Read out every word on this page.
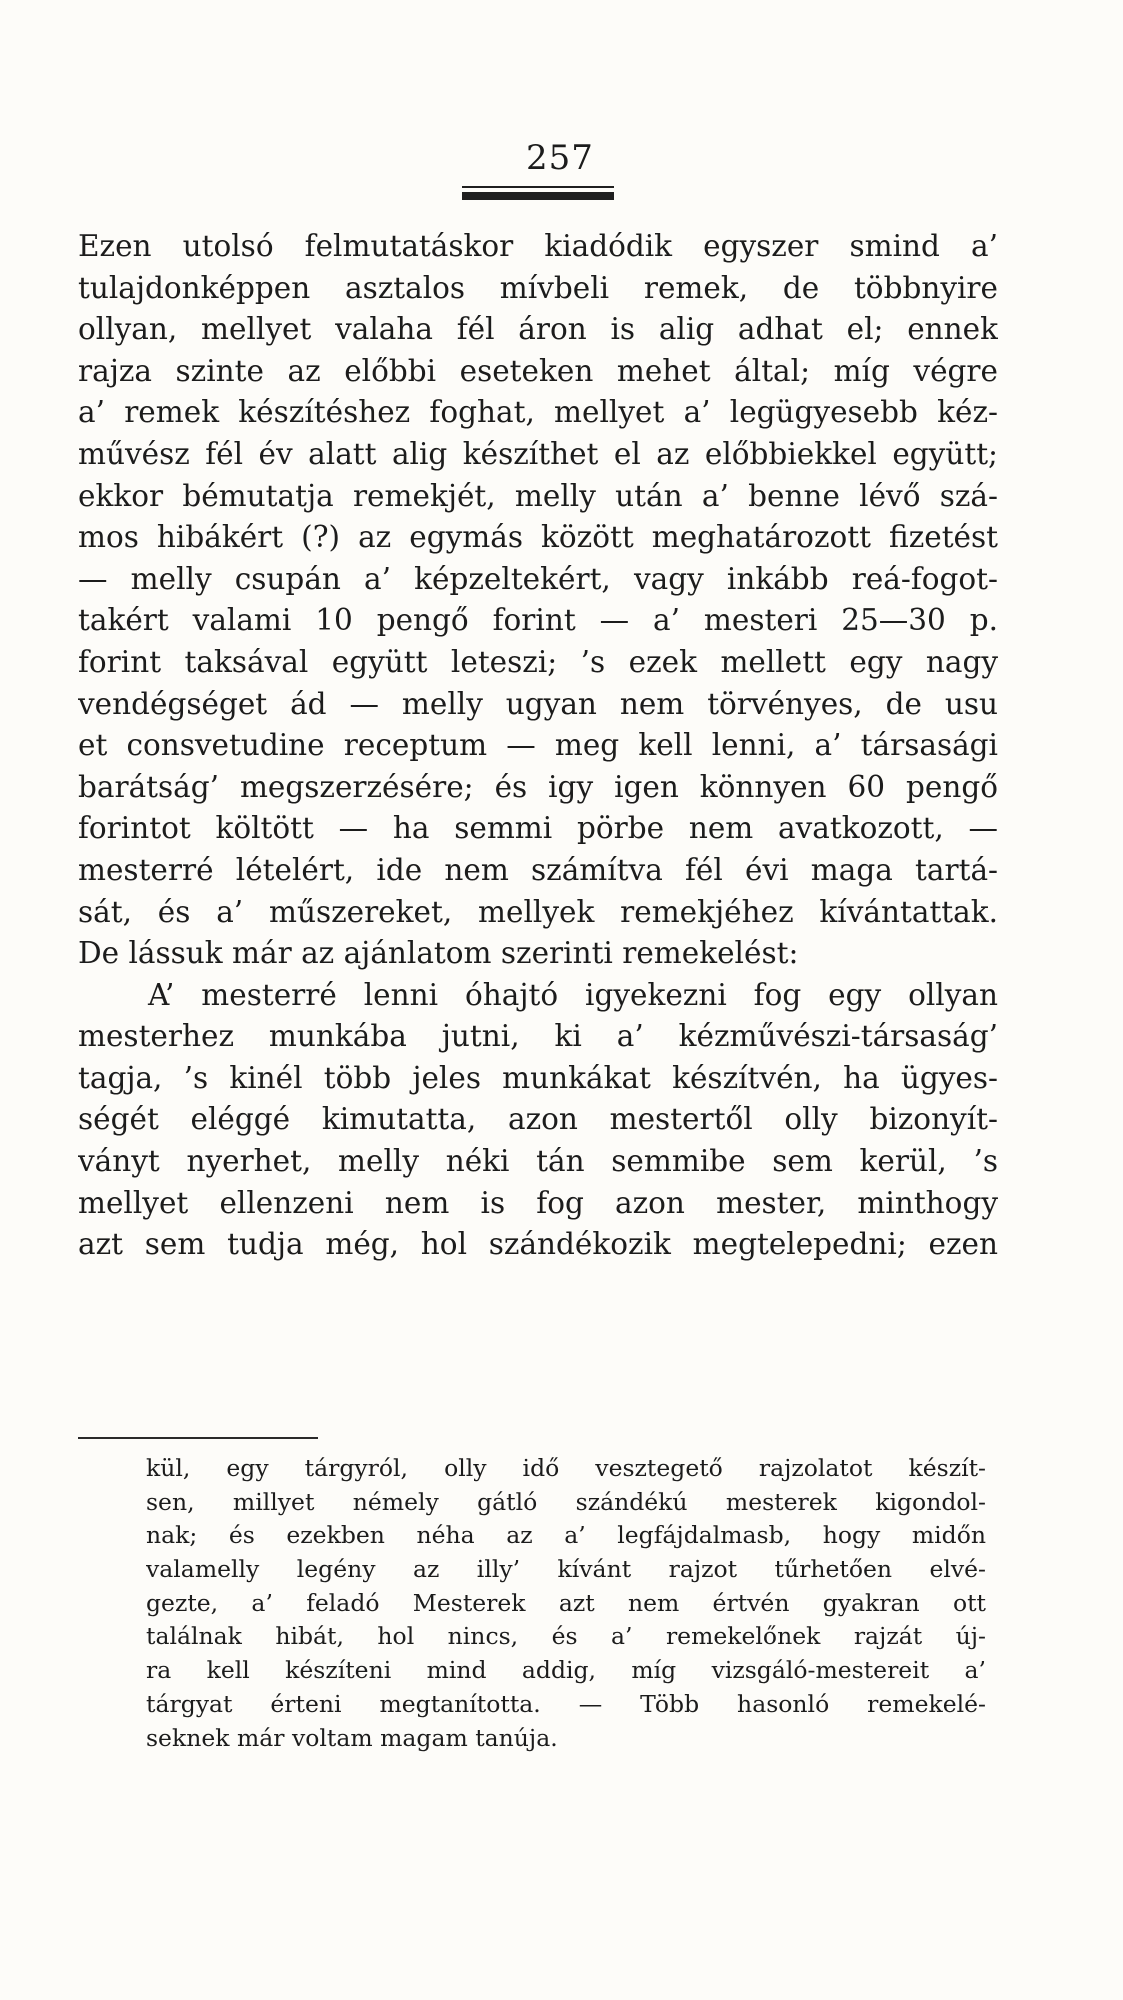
257
Ezen utolsó felmutatáskor kiadódik egyszer smind a’
tulajdonképpen asztalos mívbeli remek, de többnyire
ollyan, mellyet valaha fél áron is alig adhat el; ennek
rajza szinte az előbbi eseteken mehet által; míg végre
a’ remek készítéshez foghat, mellyet a’ legügyesebb kéz-
művész fél év alatt alig készíthet el az előbbiekkel együtt;
ekkor bémutatja remekjét, melly után a’ benne lévő szá-
mos hibákért (?) az egymás között meghatározott fizetést
— melly csupán a’ képzeltekért, vagy inkább reá-fogot-
takért valami 10 pengő forint — a’ mesteri 25—30 p.
forint taksával együtt leteszi; ’s ezek mellett egy nagy
vendégséget ád — melly ugyan nem törvényes, de usu
et consvetudine receptum — meg kell lenni, a’ társasági
barátság’ megszerzésére; és igy igen könnyen 60 pengő
forintot költött — ha semmi pörbe nem avatkozott, —
mesterré lételért, ide nem számítva fél évi maga tartá-
sát, és a’ műszereket, mellyek remekjéhez kívántattak.
De lássuk már az ajánlatom szerinti remekelést:
A’ mesterré lenni óhajtó igyekezni fog egy ollyan
mesterhez munkába jutni, ki a’ kézművészi-társaság’
tagja, ’s kinél több jeles munkákat készítvén, ha ügyes-
ségét eléggé kimutatta, azon mestertől olly bizonyít-
ványt nyerhet, melly néki tán semmibe sem kerül, ’s
mellyet ellenzeni nem is fog azon mester, minthogy
azt sem tudja még, hol szándékozik megtelepedni; ezen
kül, egy tárgyról, olly idő vesztegető rajzolatot készít-
sen, millyet némely gátló szándékú mesterek kigondol-
nak; és ezekben néha az a’ legfájdalmasb, hogy midőn
valamelly legény az illy’ kívánt rajzot tűrhetően elvé-
gezte, a’ feladó Mesterek azt nem értvén gyakran ott
találnak hibát, hol nincs, és a’ remekelőnek rajzát új-
ra kell készíteni mind addig, míg vizsgáló-mestereit a’
tárgyat érteni megtanította. — Több hasonló remekelé-
seknek már voltam magam tanúja.
